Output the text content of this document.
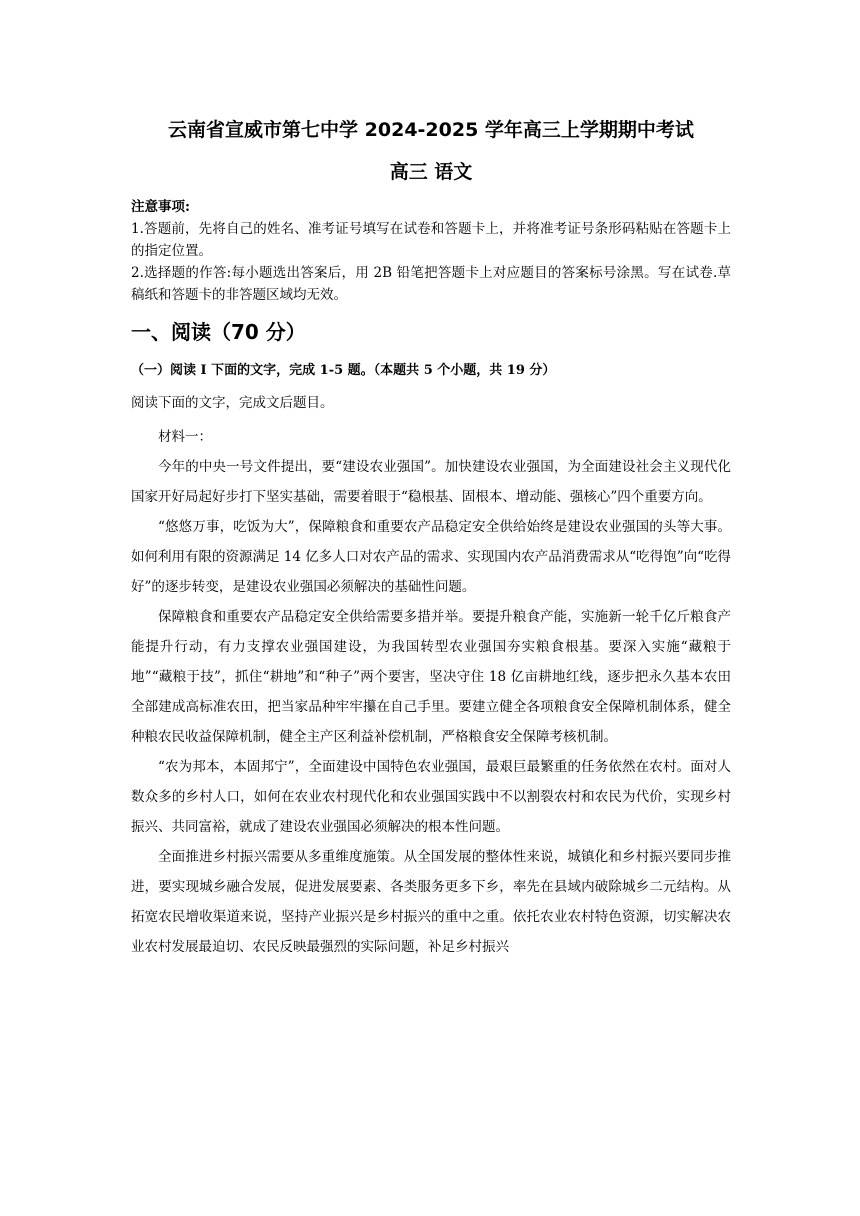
云南省宣威市第七中学 2024-2025 学年高三上学期期中考试
高三 语文
注意事项:
1.答题前，先将自己的姓名、准考证号填写在试卷和答题卡上，并将准考证号条形码粘贴在答题卡上的指定位置。
2.选择题的作答:每小题选出答案后，用 2B 铅笔把答题卡上对应题目的答案标号涂黑。写在试卷.草稿纸和答题卡的非答题区域均无效。
一、阅读（70 分）
（一）阅读 I 下面的文字，完成 1-5 题。（本题共 5 个小题，共 19 分）
阅读下面的文字，完成文后题目。

材料一：

今年的中央一号文件提出，要“建设农业强国”。加快建设农业强国，为全面建设社会主义现代化国家开好局起好步打下坚实基础，需要着眼于“稳根基、固根本、增动能、强核心”四个重要方向。

“悠悠万事，吃饭为大”，保障粮食和重要农产品稳定安全供给始终是建设农业强国的头等大事。如何利用有限的资源满足 14 亿多人口对农产品的需求、实现国内农产品消费需求从“吃得饱”向“吃得好”的逐步转变，是建设农业强国必须解决的基础性问题。

保障粮食和重要农产品稳定安全供给需要多措并举。要提升粮食产能，实施新一轮千亿斤粮食产能提升行动，有力支撑农业强国建设，为我国转型农业强国夯实粮食根基。要深入实施“藏粮于地”“藏粮于技”，抓住“耕地”和“种子”两个要害，坚决守住 18 亿亩耕地红线，逐步把永久基本农田全部建成高标准农田，把当家品种牢牢攥在自己手里。要建立健全各项粮食安全保障机制体系，健全种粮农民收益保障机制，健全主产区利益补偿机制，严格粮食安全保障考核机制。

“农为邦本，本固邦宁”，全面建设中国特色农业强国，最艰巨最繁重的任务依然在农村。面对人数众多的乡村人口，如何在农业农村现代化和农业强国实践中不以割裂农村和农民为代价，实现乡村振兴、共同富裕，就成了建设农业强国必须解决的根本性问题。

全面推进乡村振兴需要从多重维度施策。从全国发展的整体性来说，城镇化和乡村振兴要同步推进，要实现城乡融合发展，促进发展要素、各类服务更多下乡，率先在县域内破除城乡二元结构。从拓宽农民增收渠道来说，坚持产业振兴是乡村振兴的重中之重。依托农业农村特色资源，切实解决农业农村发展最迫切、农民反映最强烈的实际问题，补足乡村振兴
